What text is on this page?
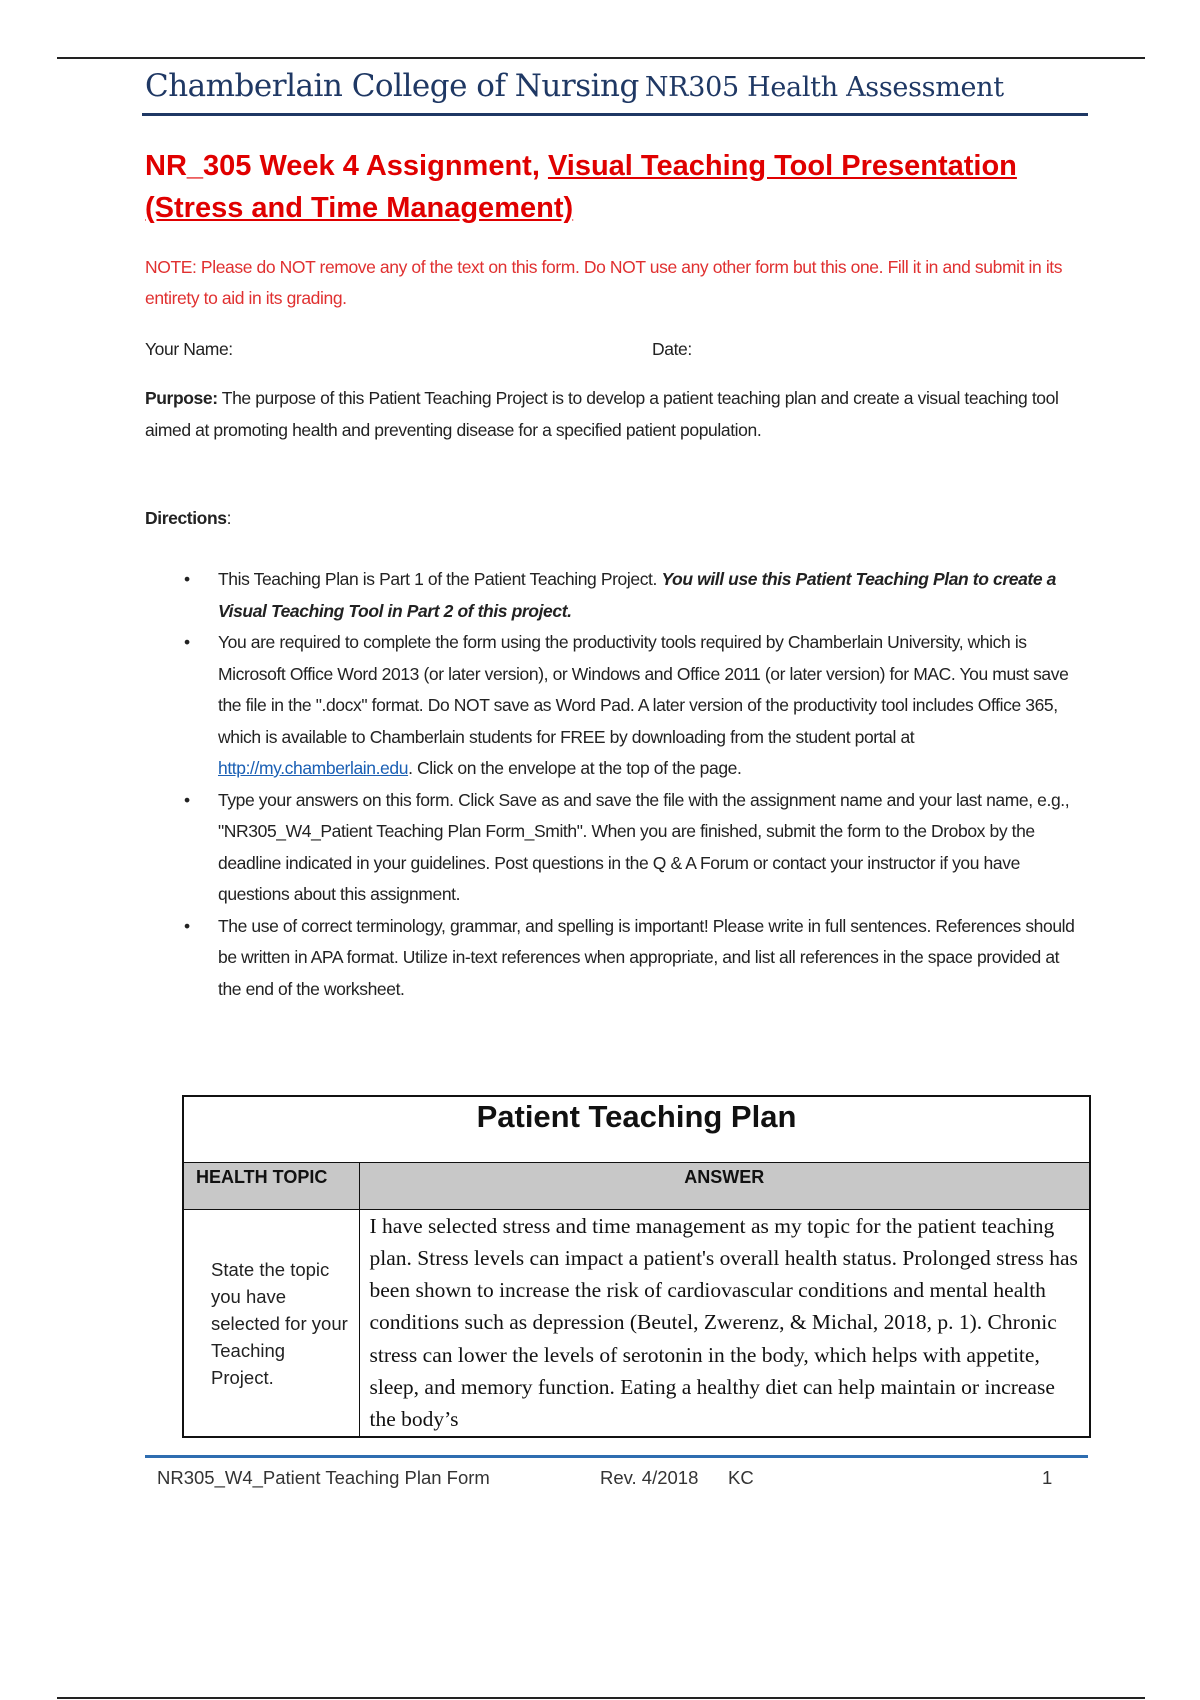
Chamberlain College of Nursing NR305 Health Assessment
NR_305 Week 4 Assignment, Visual Teaching Tool Presentation (Stress and Time Management)
NOTE: Please do NOT remove any of the text on this form. Do NOT use any other form but this one. Fill it in and submit in its entirety to aid in its grading.
Your Name:	Date:
Purpose: The purpose of this Patient Teaching Project is to develop a patient teaching plan and create a visual teaching tool aimed at promoting health and preventing disease for a specified patient population.
Directions:
• This Teaching Plan is Part 1 of the Patient Teaching Project. You will use this Patient Teaching Plan to create a Visual Teaching Tool in Part 2 of this project.
• You are required to complete the form using the productivity tools required by Chamberlain University, which is Microsoft Office Word 2013 (or later version), or Windows and Office 2011 (or later version) for MAC. You must save the file in the ".docx" format. Do NOT save as Word Pad. A later version of the productivity tool includes Office 365, which is available to Chamberlain students for FREE by downloading from the student portal at http://my.chamberlain.edu. Click on the envelope at the top of the page.
• Type your answers on this form. Click Save as and save the file with the assignment name and your last name, e.g., "NR305_W4_Patient Teaching Plan Form_Smith". When you are finished, submit the form to the Drobox by the deadline indicated in your guidelines. Post questions in the Q & A Forum or contact your instructor if you have questions about this assignment.
• The use of correct terminology, grammar, and spelling is important! Please write in full sentences. References should be written in APA format. Utilize in-text references when appropriate, and list all references in the space provided at the end of the worksheet.
Patient Teaching Plan	
HEALTH TOPIC	ANSWER
State the topic you have selected for your Teaching Project.	I have selected stress and time management as my topic for the patient teaching plan. Stress levels can impact a patient's overall health status. Prolonged stress has been shown to increase the risk of cardiovascular conditions and mental health conditions such as depression (Beutel, Zwerenz, & Michal, 2018, p. 1). Chronic stress can lower the levels of serotonin in the body, which helps with appetite, sleep, and memory function. Eating a healthy diet can help maintain or increase the body’s
NR305_W4_Patient Teaching Plan Form	Rev. 4/2018 KC	1
